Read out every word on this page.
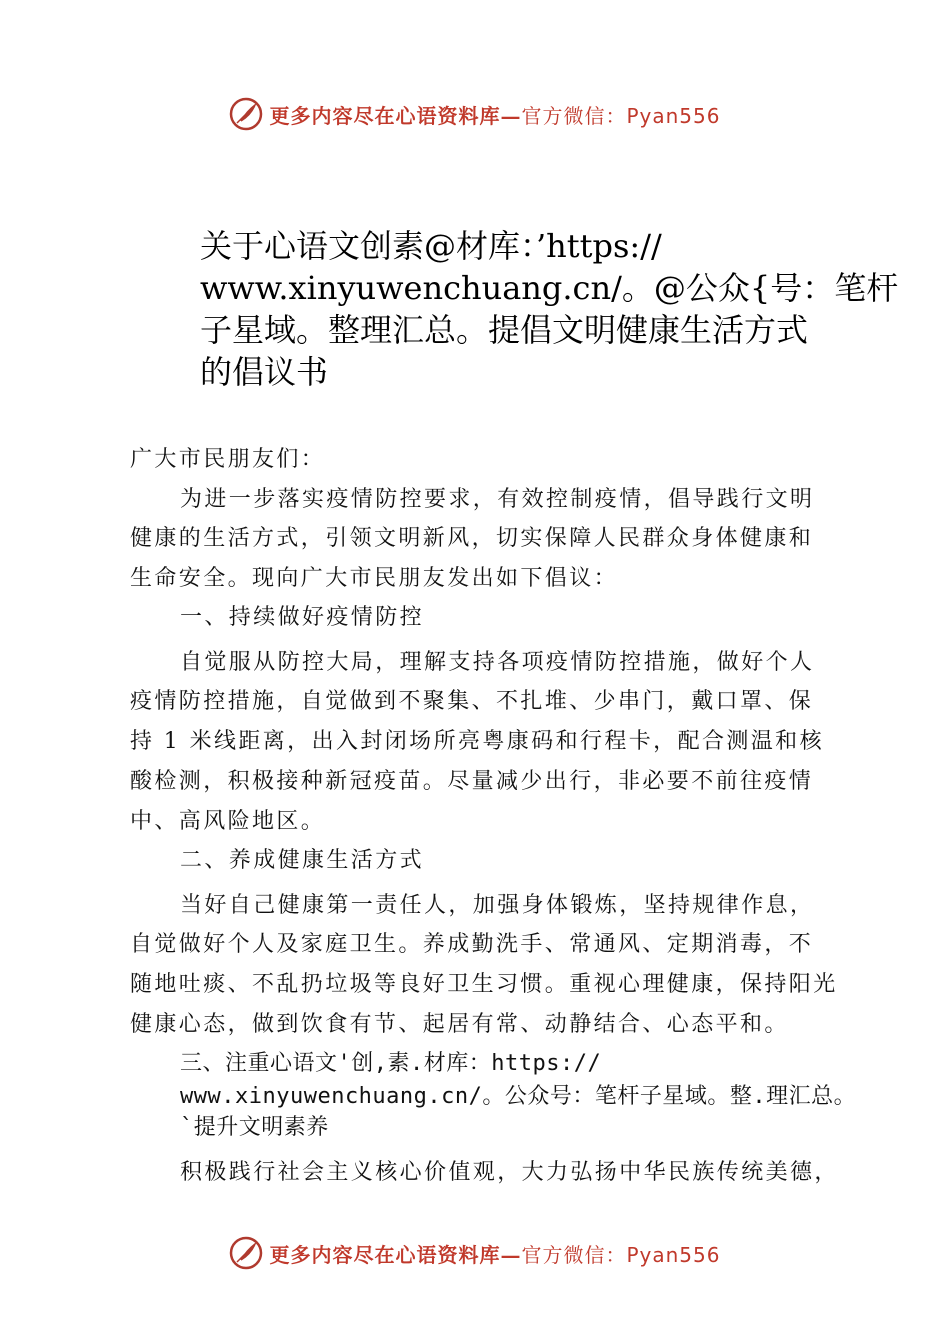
更多内容尽在心语资料库—官方微信：Pyan556
关于心语文创素@材库：’https://
www.xinyuwenchuang.cn/。@公众{号：笔杆
子星域。整理汇总。提倡文明健康生活方式
的倡议书
广大市民朋友们：
为进一步落实疫情防控要求，有效控制疫情，倡导践行文明
健康的生活方式，引领文明新风，切实保障人民群众身体健康和
生命安全。现向广大市民朋友发出如下倡议：
一、持续做好疫情防控
自觉服从防控大局，理解支持各项疫情防控措施，做好个人
疫情防控措施，自觉做到不聚集、不扎堆、少串门，戴口罩、保
持 1 米线距离，出入封闭场所亮粤康码和行程卡，配合测温和核
酸检测，积极接种新冠疫苗。尽量减少出行，非必要不前往疫情
中、高风险地区。
二、养成健康生活方式
当好自己健康第一责任人，加强身体锻炼，坚持规律作息，
自觉做好个人及家庭卫生。养成勤洗手、常通风、定期消毒，不
随地吐痰、不乱扔垃圾等良好卫生习惯。重视心理健康，保持阳光
健康心态，做到饮食有节、起居有常、动静结合、心态平和。
三、注重心语文'创,素.材库：https://
www.xinyuwenchuang.cn/。公众号：笔杆子星域。整.理汇总。
`提升文明素养
积极践行社会主义核心价值观，大力弘扬中华民族传统美德，
更多内容尽在心语资料库—官方微信：Pyan556
